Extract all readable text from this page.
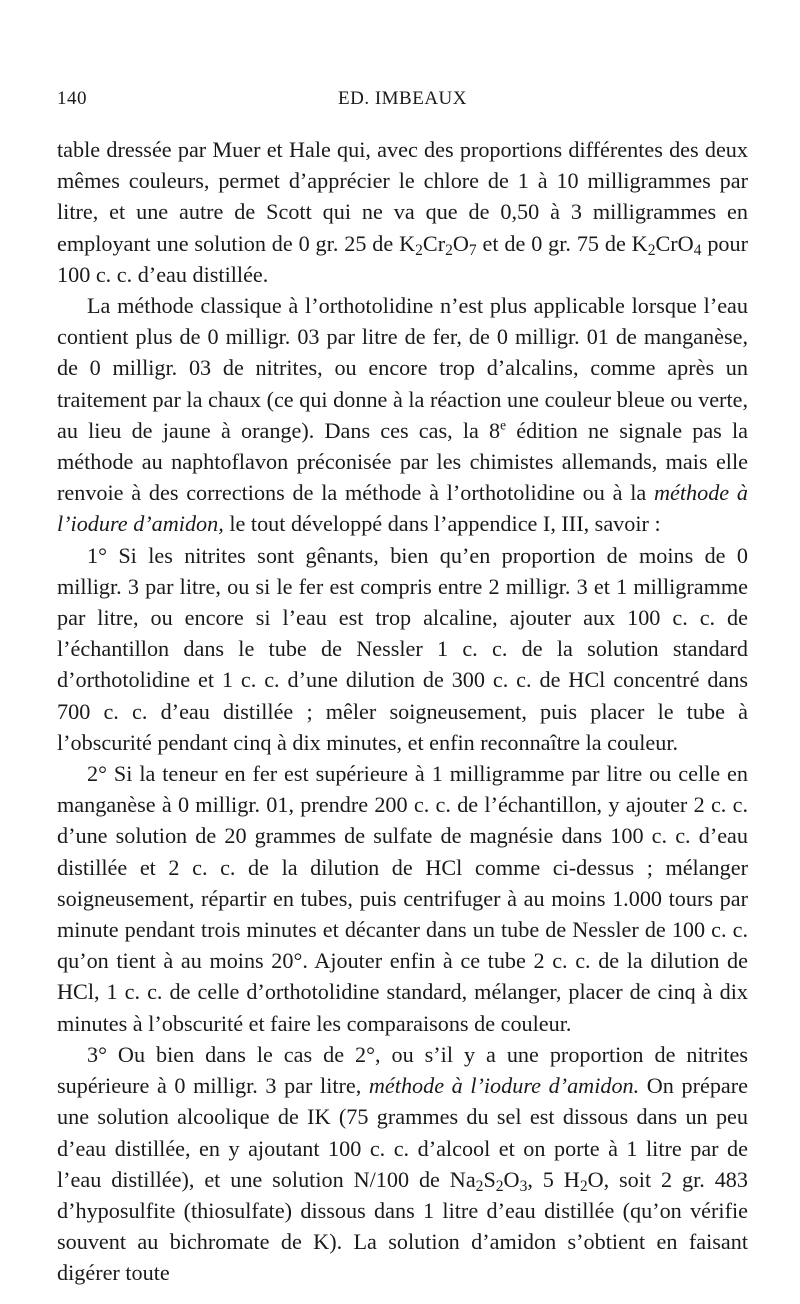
140	ED. IMBEAUX

table dressée par Muer et Hale qui, avec des proportions différentes des deux mêmes couleurs, permet d’apprécier le chlore de 1 à 10 milligrammes par litre, et une autre de Scott qui ne va que de 0,50 à 3 milligrammes en employant une solution de 0 gr. 25 de $K_2Cr_2O_7$ et de 0 gr. 75 de $K_2CrO_4$ pour 100 c. c. d’eau distillée.

La méthode classique à l’orthotolidine n’est plus applicable lorsque l’eau contient plus de 0 milligr. 03 par litre de fer, de 0 milligr. 01 de manganèse, de 0 milligr. 03 de nitrites, ou encore trop d’alcalins, comme après un traitement par la chaux (ce qui donne à la réaction une couleur bleue ou verte, au lieu de jaune à orange). Dans ces cas, la 8e édition ne signale pas la méthode au naphtoflavon préconisée par les chimistes allemands, mais elle renvoie à des corrections de la méthode à l’orthotolidine ou à la méthode à l’iodure d’amidon, le tout développé dans l’appendice I, III, savoir :

1° Si les nitrites sont gênants, bien qu’en proportion de moins de 0 milligr. 3 par litre, ou si le fer est compris entre 2 milligr. 3 et 1 milligramme par litre, ou encore si l’eau est trop alcaline, ajouter aux 100 c. c. de l’échantillon dans le tube de Nessler 1 c. c. de la solution standard d’orthotolidine et 1 c. c. d’une dilution de 300 c. c. de HCl concentré dans 700 c. c. d’eau distillée ; mêler soigneusement, puis placer le tube à l’obscurité pendant cinq à dix minutes, et enfin reconnaître la couleur.

2° Si la teneur en fer est supérieure à 1 milligramme par litre ou celle en manganèse à 0 milligr. 01, prendre 200 c. c. de l’échantillon, y ajouter 2 c. c. d’une solution de 20 grammes de sulfate de magnésie dans 100 c. c. d’eau distillée et 2 c. c. de la dilution de HCl comme ci-dessus ; mélanger soigneusement, répartir en tubes, puis centrifuger à au moins 1.000 tours par minute pendant trois minutes et décanter dans un tube de Nessler de 100 c. c. qu’on tient à au moins 20°. Ajouter enfin à ce tube 2 c. c. de la dilution de HCl, 1 c. c. de celle d’orthotolidine standard, mélanger, placer de cinq à dix minutes à l’obscurité et faire les comparaisons de couleur.

3° Ou bien dans le cas de 2°, ou s’il y a une proportion de nitrites supérieure à 0 milligr. 3 par litre, méthode à l’iodure d’amidon. On prépare une solution alcoolique de IK (75 grammes du sel est dissous dans un peu d’eau distillée, en y ajoutant 100 c. c. d’alcool et on porte à 1 litre par de l’eau distillée), et une solution N/100 de $Na_2S_2O_3$, 5 $H_2O$, soit 2 gr. 483 d’hyposulfite (thiosulfate) dissous dans 1 litre d’eau distillée (qu’on vérifie souvent au bichromate de K). La solution d’amidon s’obtient en faisant digérer toute
